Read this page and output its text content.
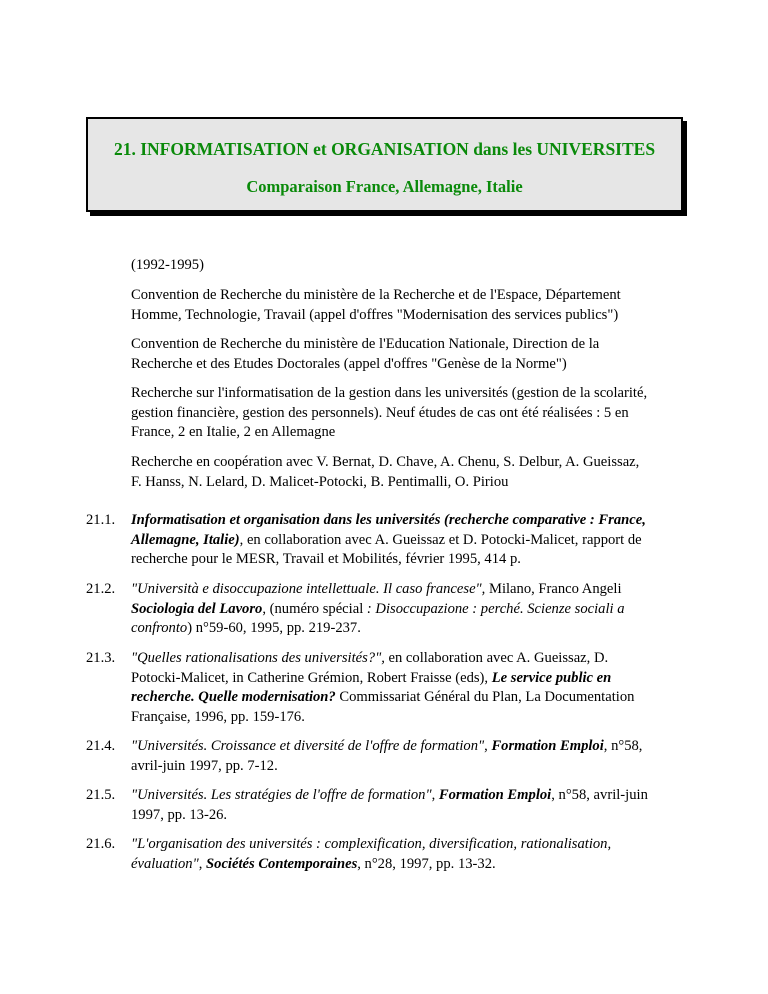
21. INFORMATISATION et ORGANISATION dans les UNIVERSITES
Comparaison France, Allemagne, Italie
(1992-1995)
Convention de Recherche du ministère de la Recherche et de l'Espace, Département
Homme, Technologie, Travail (appel d'offres "Modernisation des services publics")
Convention de Recherche du ministère de l'Education Nationale, Direction de la
Recherche et des Etudes Doctorales (appel d'offres "Genèse de la Norme")
Recherche sur l'informatisation de la gestion dans les universités (gestion de la scolarité,
gestion financière, gestion des personnels). Neuf études de cas ont été réalisées : 5 en
France, 2 en Italie, 2 en Allemagne
Recherche en coopération avec V. Bernat, D. Chave, A. Chenu, S. Delbur, A. Gueissaz,
F. Hanss, N. Lelard, D. Malicet-Potocki, B. Pentimalli, O. Piriou
21.1. Informatisation et organisation dans les universités (recherche comparative : France,
Allemagne, Italie), en collaboration avec A. Gueissaz et D. Potocki-Malicet, rapport de
recherche pour le MESR, Travail et Mobilités, février 1995, 414 p.
21.2. "Università e disoccupazione intellettuale. Il caso francese", Milano, Franco Angeli
Sociologia del Lavoro, (numéro spécial : Disoccupazione : perché. Scienze sociali a
confronto) n°59-60, 1995, pp. 219-237.
21.3. "Quelles rationalisations des universités?", en collaboration avec A. Gueissaz, D.
Potocki-Malicet, in Catherine Grémion, Robert Fraisse (eds), Le service public en
recherche. Quelle modernisation? Commissariat Général du Plan, La Documentation
Française, 1996, pp. 159-176.
21.4. "Universités. Croissance et diversité de l'offre de formation", Formation Emploi, n°58,
avril-juin 1997, pp. 7-12.
21.5. "Universités. Les stratégies de l'offre de formation", Formation Emploi, n°58, avril-juin
1997, pp. 13-26.
21.6. "L'organisation des universités : complexification, diversification, rationalisation,
évaluation", Sociétés Contemporaines, n°28, 1997, pp. 13-32.
